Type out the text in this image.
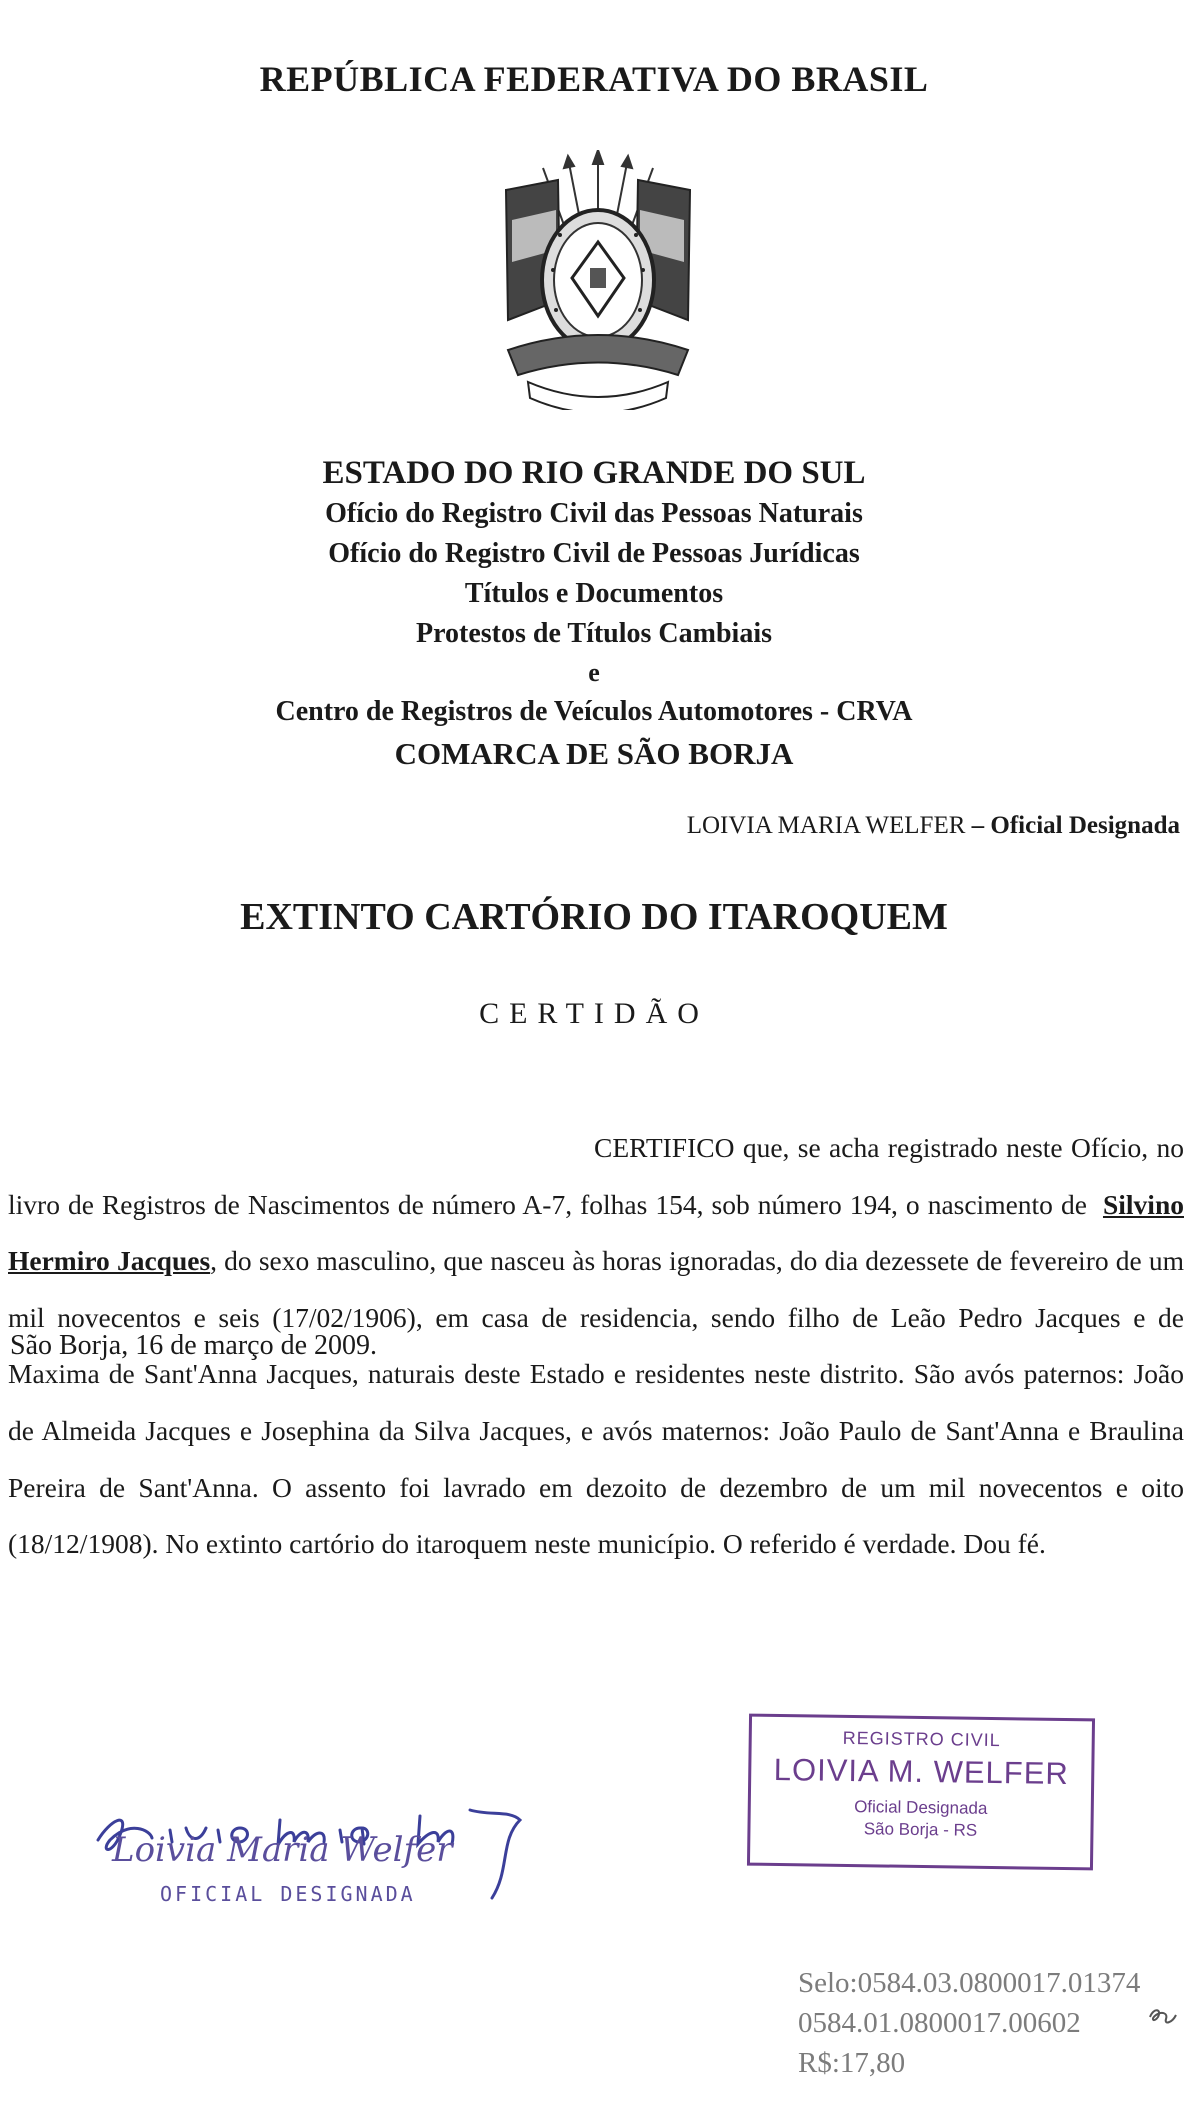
REPÚBLICA FEDERATIVA DO BRASIL
ESTADO DO RIO GRANDE DO SUL
Ofício do Registro Civil das Pessoas Naturais
Ofício do Registro Civil de Pessoas Jurídicas
Títulos e Documentos
Protestos de Títulos Cambiais
e
Centro de Registros de Veículos Automotores - CRVA
COMARCA DE SÃO BORJA
LOIVIA MARIA WELFER – Oficial Designada
EXTINTO CARTÓRIO DO ITAROQUEM
CERTIDÃO
CERTIFICO que, se acha registrado neste Ofício, no livro de Registros de Nascimentos de número A-7, folhas 154, sob número 194, o nascimento de Silvino Hermiro Jacques, do sexo masculino, que nasceu às horas ignoradas, do dia dezessete de fevereiro de um mil novecentos e seis (17/02/1906), em casa de residencia, sendo filho de Leão Pedro Jacques e de Maxima de Sant'Anna Jacques, naturais deste Estado e residentes neste distrito. São avós paternos: João de Almeida Jacques e Josephina da Silva Jacques, e avós maternos: João Paulo de Sant'Anna e Braulina Pereira de Sant'Anna. O assento foi lavrado em dezoito de dezembro de um mil novecentos e oito (18/12/1908). No extinto cartório do itaroquem neste município. O referido é verdade. Dou fé.
São Borja, 16 de março de 2009.
Loivia Maria Welfer
OFICIAL DESIGNADA
REGISTRO CIVIL
LOIVIA M. WELFER
Oficial Designada
São Borja - RS
Selo:0584.03.0800017.01374
0584.01.0800017.00602
R$:17,80
